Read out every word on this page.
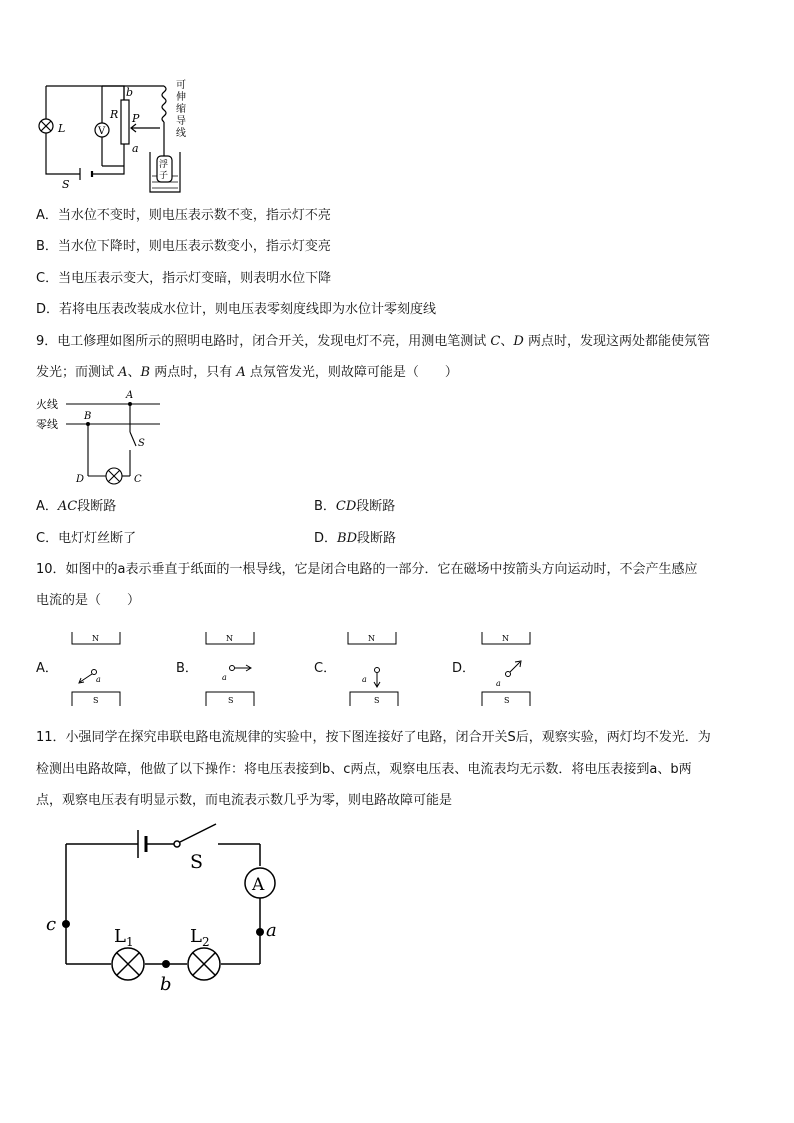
L
S
V
R
b
P
a
可
伸
缩
导
线
浮
子
A．当水位不变时，则电压表示数不变，指示灯不亮
B．当水位下降时，则电压表示数变小，指示灯变亮
C．当电压表示变大，指示灯变暗，则表明水位下降
D．若将电压表改装成水位计，则电压表零刻度线即为水位计零刻度线
9．电工修理如图所示的照明电路时，闭合开关，发现电灯不亮，用测电笔测试 C、D 两点时，发现这两处都能使氖管
发光；而测试 A、B 两点时，只有 A 点氖管发光，则故障可能是（　　）
火线
零线
A
B
S
D	C
A．AC段断路	B．CD段断路
C．电灯灯丝断了	D．BD段断路
10．如图中的a表示垂直于纸面的一根导线，它是闭合电路的一部分．它在磁场中按箭头方向运动时，不会产生感应
电流的是（　　）
A．
N
S
a
B．
N
S
a
C．
N
S
a
D．
N
S
a
11．小强同学在探究串联电路电流规律的实验中，按下图连接好了电路，闭合开关S后，观察实验，两灯均不发光．为
检测出电路故障，他做了以下操作：将电压表接到b、c两点，观察电压表、电流表均无示数．将电压表接到a、b两
点，观察电压表有明显示数，而电流表示数几乎为零，则电路故障可能是
S
A
$L_1$	$L_2$
a
b
c
